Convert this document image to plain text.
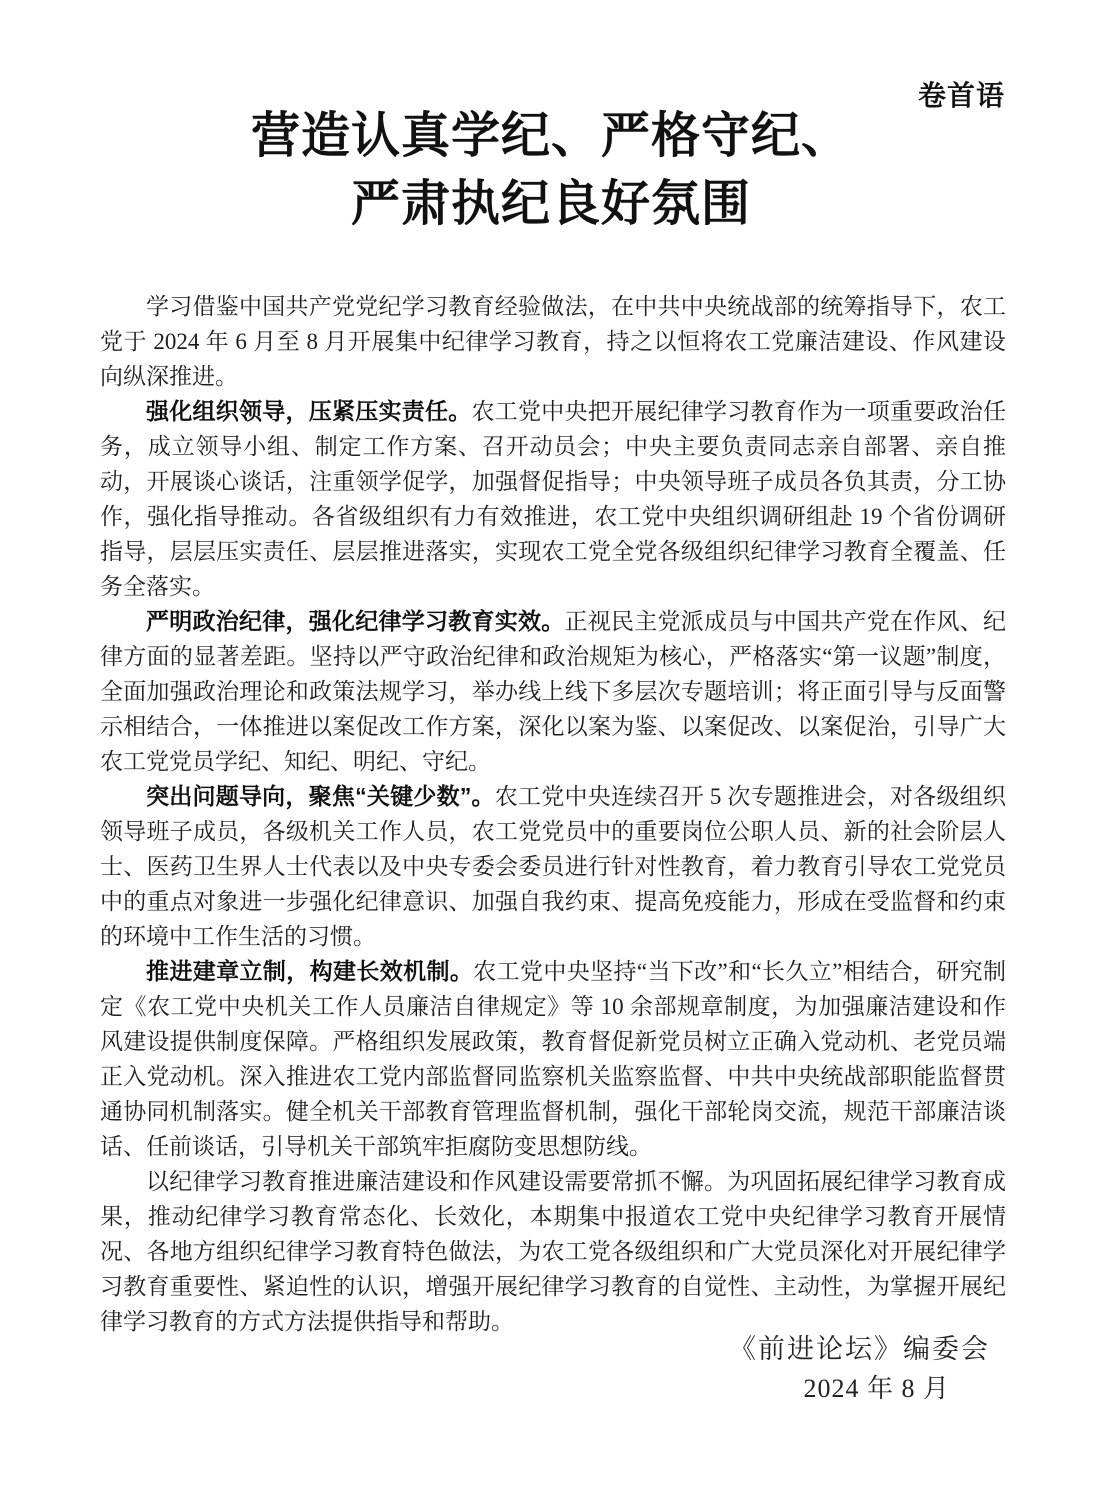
卷首语
营造认真学纪、严格守纪、
严肃执纪良好氛围

学习借鉴中国共产党党纪学习教育经验做法，在中共中央统战部的统筹指导下，农工党于 2024 年 6 月至 8 月开展集中纪律学习教育，持之以恒将农工党廉洁建设、作风建设向纵深推进。

强化组织领导，压紧压实责任。农工党中央把开展纪律学习教育作为一项重要政治任务，成立领导小组、制定工作方案、召开动员会；中央主要负责同志亲自部署、亲自推动，开展谈心谈话，注重领学促学，加强督促指导；中央领导班子成员各负其责，分工协作，强化指导推动。各省级组织有力有效推进，农工党中央组织调研组赴 19 个省份调研指导，层层压实责任、层层推进落实，实现农工党全党各级组织纪律学习教育全覆盖、任务全落实。

严明政治纪律，强化纪律学习教育实效。正视民主党派成员与中国共产党在作风、纪律方面的显著差距。坚持以严守政治纪律和政治规矩为核心，严格落实“第一议题”制度，全面加强政治理论和政策法规学习，举办线上线下多层次专题培训；将正面引导与反面警示相结合，一体推进以案促改工作方案，深化以案为鉴、以案促改、以案促治，引导广大农工党党员学纪、知纪、明纪、守纪。

突出问题导向，聚焦“关键少数”。农工党中央连续召开 5 次专题推进会，对各级组织领导班子成员，各级机关工作人员，农工党党员中的重要岗位公职人员、新的社会阶层人士、医药卫生界人士代表以及中央专委会委员进行针对性教育，着力教育引导农工党党员中的重点对象进一步强化纪律意识、加强自我约束、提高免疫能力，形成在受监督和约束的环境中工作生活的习惯。

推进建章立制，构建长效机制。农工党中央坚持“当下改”和“长久立”相结合，研究制定《农工党中央机关工作人员廉洁自律规定》等 10 余部规章制度，为加强廉洁建设和作风建设提供制度保障。严格组织发展政策，教育督促新党员树立正确入党动机、老党员端正入党动机。深入推进农工党内部监督同监察机关监察监督、中共中央统战部职能监督贯通协同机制落实。健全机关干部教育管理监督机制，强化干部轮岗交流，规范干部廉洁谈话、任前谈话，引导机关干部筑牢拒腐防变思想防线。

以纪律学习教育推进廉洁建设和作风建设需要常抓不懈。为巩固拓展纪律学习教育成果，推动纪律学习教育常态化、长效化，本期集中报道农工党中央纪律学习教育开展情况、各地方组织纪律学习教育特色做法，为农工党各级组织和广大党员深化对开展纪律学习教育重要性、紧迫性的认识，增强开展纪律学习教育的自觉性、主动性，为掌握开展纪律学习教育的方式方法提供指导和帮助。

《前进论坛》编委会
2024 年 8 月
